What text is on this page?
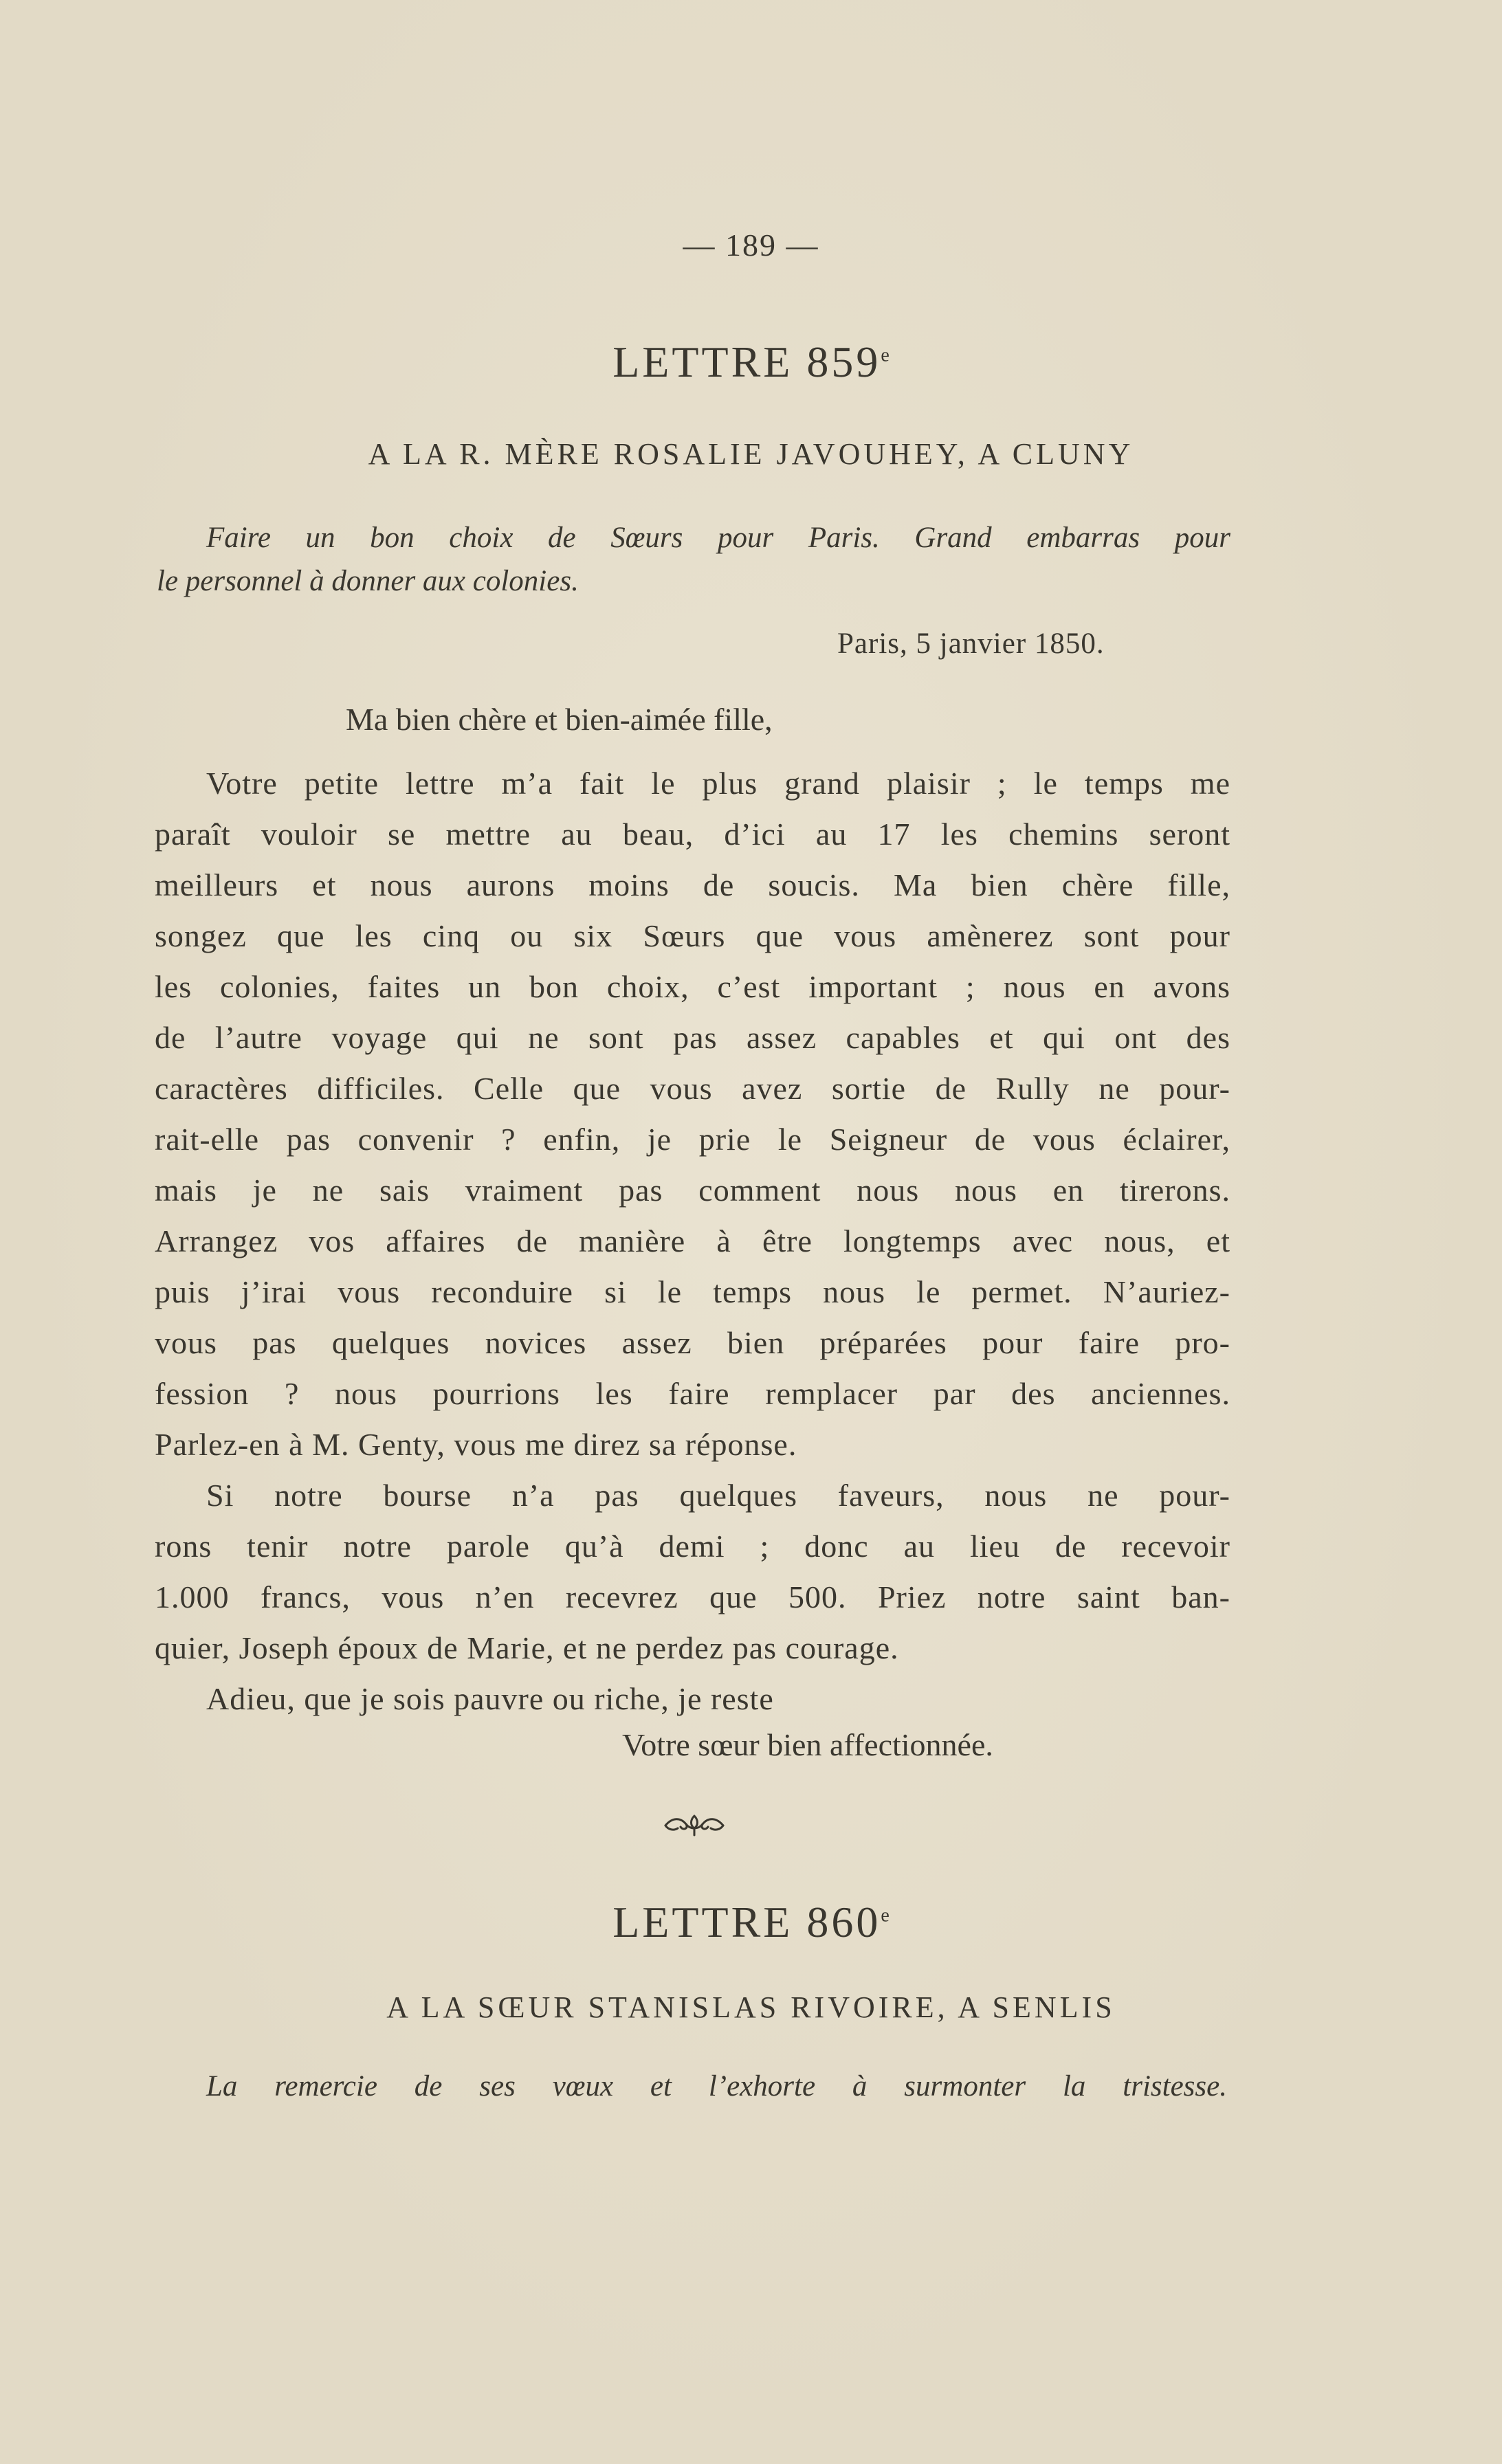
— 189 —
LETTRE 859e
A LA R. MÈRE ROSALIE JAVOUHEY, A CLUNY
Faire un bon choix de Sœurs pour Paris. Grand embarras pour
le personnel à donner aux colonies.
Paris, 5 janvier 1850.
Ma bien chère et bien-aimée fille,
Votre petite lettre m’a fait le plus grand plaisir ; le temps me
paraît vouloir se mettre au beau, d’ici au 17 les chemins seront
meilleurs et nous aurons moins de soucis. Ma bien chère fille,
songez que les cinq ou six Sœurs que vous amènerez sont pour
les colonies, faites un bon choix, c’est important ; nous en avons
de l’autre voyage qui ne sont pas assez capables et qui ont des
caractères difficiles. Celle que vous avez sortie de Rully ne pour-
rait-elle pas convenir ? enfin, je prie le Seigneur de vous éclairer,
mais je ne sais vraiment pas comment nous nous en tirerons.
Arrangez vos affaires de manière à être longtemps avec nous, et
puis j’irai vous reconduire si le temps nous le permet. N’auriez-
vous pas quelques novices assez bien préparées pour faire pro-
fession ? nous pourrions les faire remplacer par des anciennes.
Parlez-en à M. Genty, vous me direz sa réponse.
Si notre bourse n’a pas quelques faveurs, nous ne pour-
rons tenir notre parole qu’à demi ; donc au lieu de recevoir
1.000 francs, vous n’en recevrez que 500. Priez notre saint ban-
quier, Joseph époux de Marie, et ne perdez pas courage.
Adieu, que je sois pauvre ou riche, je reste
Votre sœur bien affectionnée.
LETTRE 860e
A LA SŒUR STANISLAS RIVOIRE, A SENLIS
La remercie de ses vœux et l’exhorte à surmonter la tristesse.
